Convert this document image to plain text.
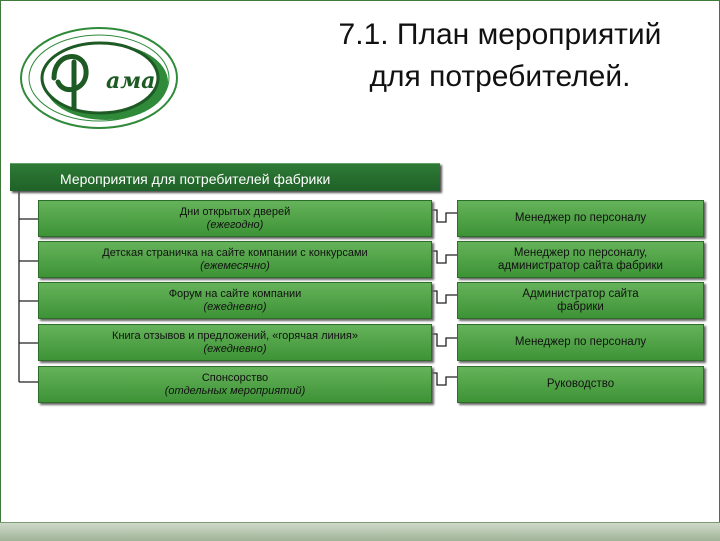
ама
7.1. План мероприятий
для потребителей.
Мероприятия для потребителей фабрики
Дни открытых дверей
(ежегодно)
Менеджер по персоналу
Детская страничка на сайте компании с конкурсами
(ежемесячно)
Менеджер по персоналу, администратор сайта фабрики
Форум на сайте компании
(ежедневно)
Администратор сайта фабрики
Книга отзывов и предложений, «горячая линия»
(ежедневно)
Менеджер по персоналу
Спонсорство
(отдельных мероприятий)
Руководство
